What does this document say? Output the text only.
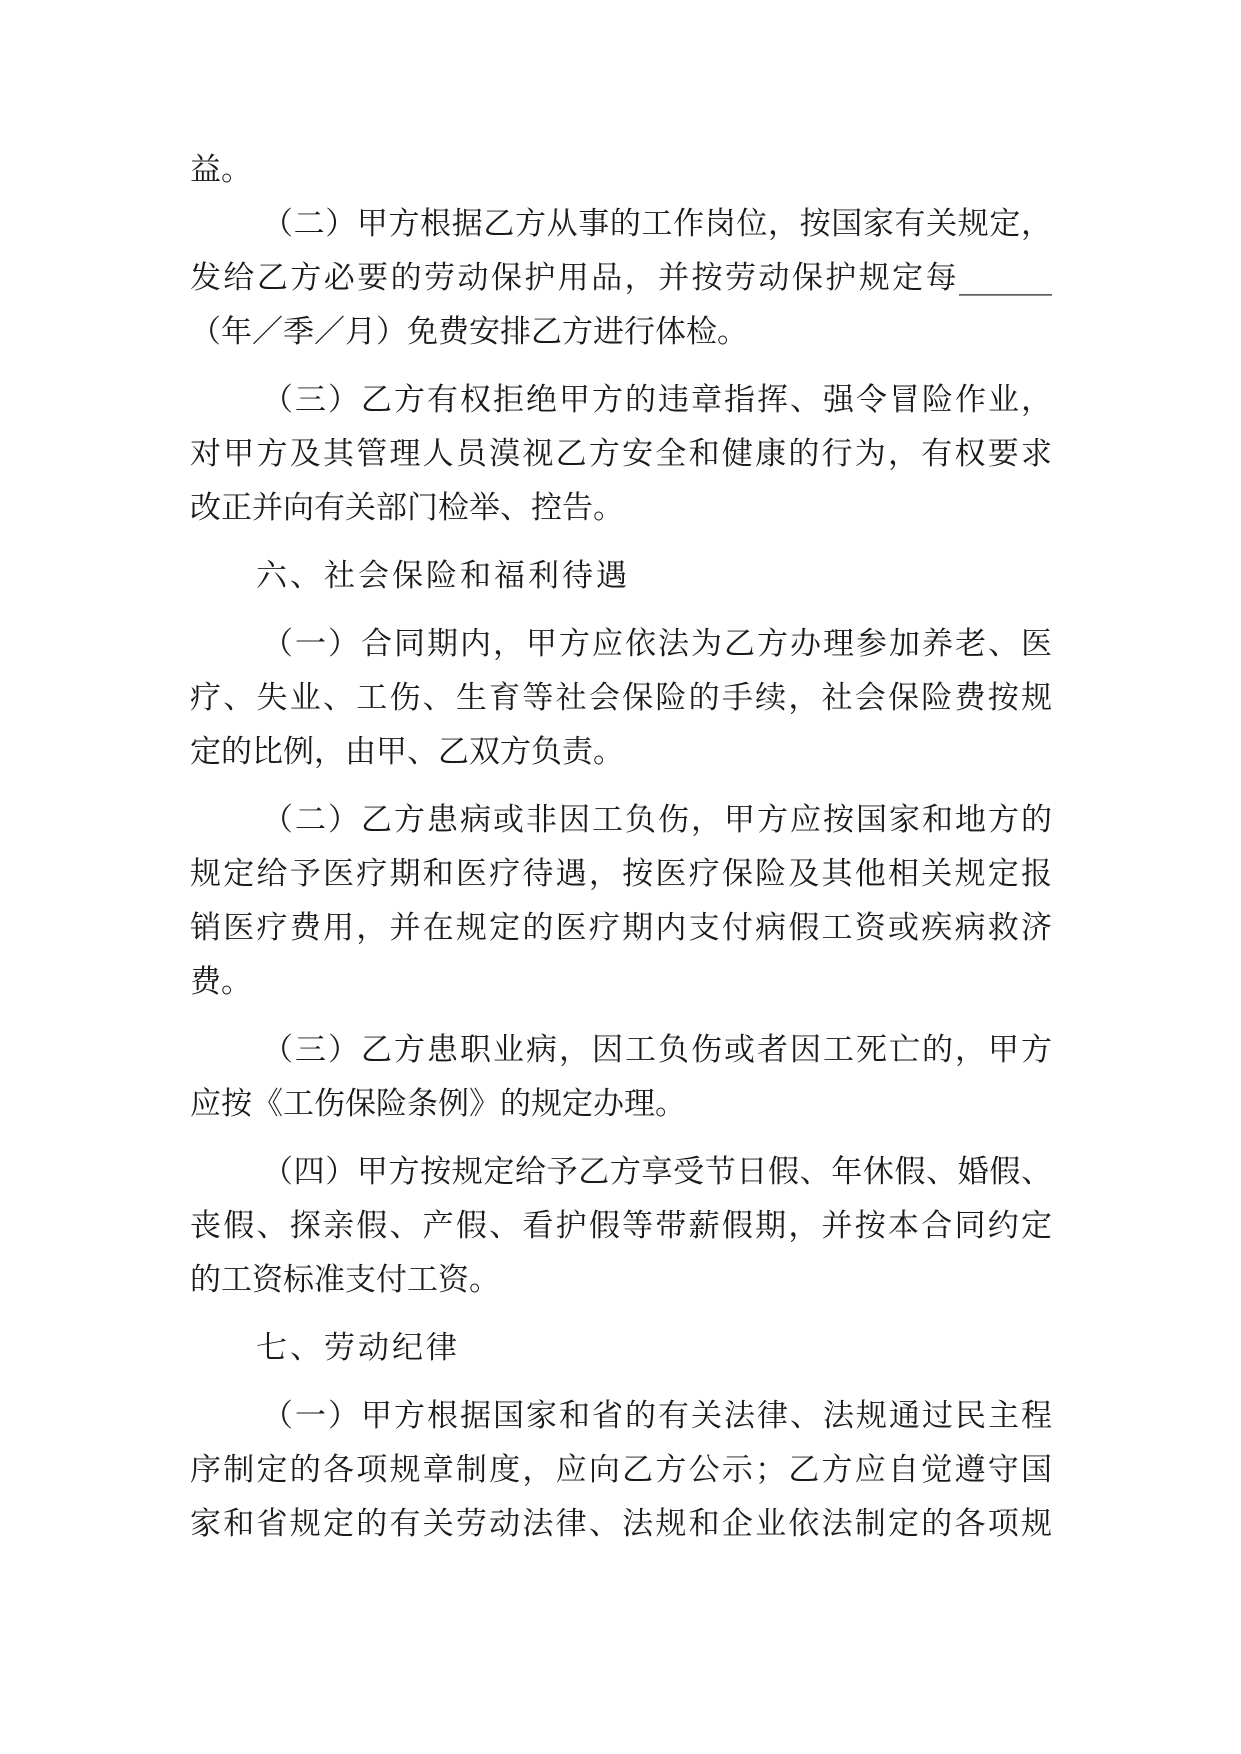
益。

（二）甲方根据乙方从事的工作岗位，按国家有关规定，

发给乙方必要的劳动保护用品，并按劳动保护规定每______

（年／季／月）免费安排乙方进行体检。

（三）乙方有权拒绝甲方的违章指挥、强令冒险作业，

对甲方及其管理人员漠视乙方安全和健康的行为，有权要求

改正并向有关部门检举、控告。

六、社会保险和福利待遇

（一）合同期内，甲方应依法为乙方办理参加养老、医

疗、失业、工伤、生育等社会保险的手续，社会保险费按规

定的比例，由甲、乙双方负责。

（二）乙方患病或非因工负伤，甲方应按国家和地方的

规定给予医疗期和医疗待遇，按医疗保险及其他相关规定报

销医疗费用，并在规定的医疗期内支付病假工资或疾病救济

费。

（三）乙方患职业病，因工负伤或者因工死亡的，甲方

应按《工伤保险条例》的规定办理。

（四）甲方按规定给予乙方享受节日假、年休假、婚假、

丧假、探亲假、产假、看护假等带薪假期，并按本合同约定

的工资标准支付工资。

七、劳动纪律

（一）甲方根据国家和省的有关法律、法规通过民主程

序制定的各项规章制度，应向乙方公示；乙方应自觉遵守国

家和省规定的有关劳动法律、法规和企业依法制定的各项规
